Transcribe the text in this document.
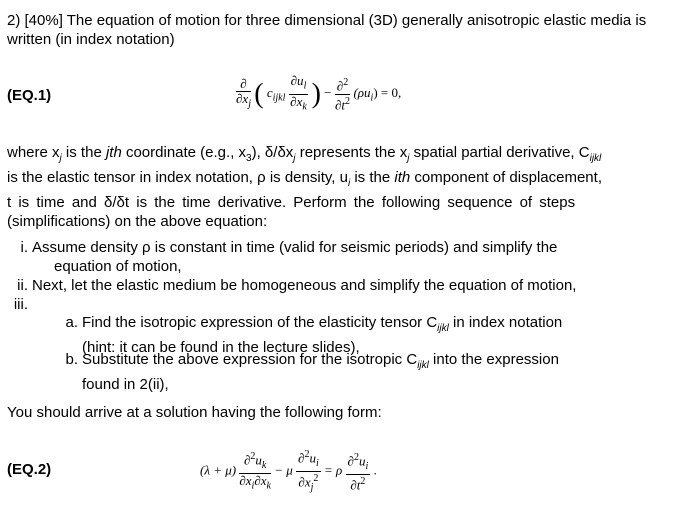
2) [40%] The equation of motion for three dimensional (3D) generally anisotropic elastic media is written (in index notation)
(EQ.1)	$\frac{\partial}{\partial x_j}$ ( $c_{ijkl} \frac{\partial u_l}{\partial x_k}$ ) − $\frac{\partial^2}{\partial t^2} (\rho u_i) = 0$,
where $x_j$ is the jth coordinate (e.g., $x_3$), $\delta/\delta x_j$ represents the $x_j$ spatial partial derivative, $C_{ijkl}$
is the elastic tensor in index notation, ρ is density, $u_i$ is the ith component of displacement,
t is time and δ/δt is the time derivative. Perform the following sequence of steps
(simplifications) on the above equation:
i. Assume density ρ is constant in time (valid for seismic periods) and simplify the
equation of motion,
ii. Next, let the elastic medium be homogeneous and simplify the equation of motion,
iii.
a. Find the isotropic expression of the elasticity tensor $C_{ijkl}$ in index notation
(hint: it can be found in the lecture slides),
b. Substitute the above expression for the isotropic $C_{ijkl}$ into the expression
found in 2(ii),
You should arrive at a solution having the following form:
(EQ.2)	$(\lambda + \mu) \frac{\partial^2u_k}{\partial x_i\partial x_k} - \mu \frac{\partial^2u_i}{\partial x_j^2} = \rho \frac{\partial^2u_i}{\partial t^2}$ .
